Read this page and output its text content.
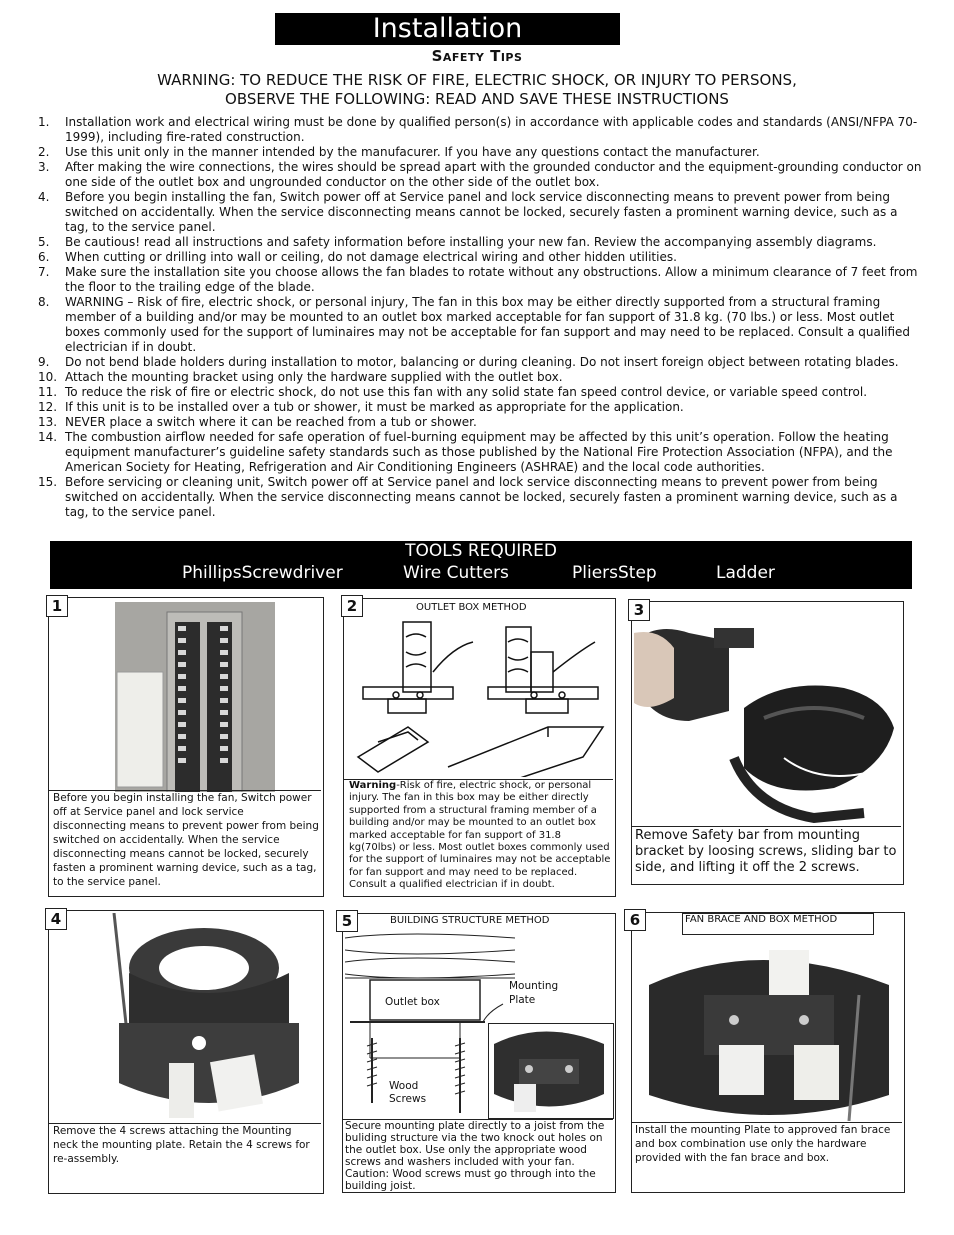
Installation
Safety Tips
WARNING: TO REDUCE THE RISK OF FIRE, ELECTRIC SHOCK, OR INJURY TO PERSONS,
OBSERVE THE FOLLOWING: READ AND SAVE THESE INSTRUCTIONS
1.	Installation work and electrical wiring must be done by qualified person(s) in accordance with applicable codes and standards (ANSI/NFPA 70-1999), including fire-rated construction.
2.	Use this unit only in the manner intended by the manufacurer. If you have any questions contact the manufacturer.
3.	After making the wire connections, the wires should be spread apart with the grounded conductor and the equipment-grounding conductor on one side of the outlet box and ungrounded conductor on the other side of the outlet box.
4.	Before you begin installing the fan, Switch power off at Service panel and lock service disconnecting means to prevent power from being switched on accidentally. When the service disconnecting means cannot be locked, securely fasten a prominent warning device, such as a tag, to the service panel.
5.	Be cautious! read all instructions and safety information before installing your new fan. Review the accompanying assembly diagrams.
6.	When cutting or drilling into wall or ceiling, do not damage electrical wiring and other hidden utilities.
7.	Make sure the installation site you choose allows the fan blades to rotate without any obstructions. Allow a minimum clearance of 7 feet from the floor to the trailing edge of the blade.
8.	WARNING – Risk of fire, electric shock, or personal injury, The fan in this box may be either directly supported from a structural framing member of a building and/or may be mounted to an outlet box marked acceptable for fan support of 31.8 kg. (70 lbs.) or less. Most outlet boxes commonly used for the support of luminaires may not be acceptable for fan support and may need to be replaced. Consult a qualified electrician if in doubt.
9.	Do not bend blade holders during installation to motor, balancing or during cleaning. Do not insert foreign object between rotating blades.
10. Attach the mounting bracket using only the hardware supplied with the outlet box.
11. To reduce the risk of fire or electric shock, do not use this fan with any solid state fan speed control device, or variable speed control.
12. If this unit is to be installed over a tub or shower, it must be marked as appropriate for the application.
13. NEVER place a switch where it can be reached from a tub or shower.
14. The combustion airflow needed for safe operation of fuel-burning equipment may be affected by this unit’s operation. Follow the heating equipment manufacturer’s guideline safety standards such as those published by the National Fire Protection Association (NFPA), and the American Society for Heating, Refrigeration and Air Conditioning Engineers (ASHRAE) and the local code authorities.
15. Before servicing or cleaning unit, Switch power off at Service panel and lock service disconnecting means to prevent power from being switched on accidentally. When the service disconnecting means cannot be locked, securely fasten a prominent warning device, such as a tag, to the service panel.
TOOLS REQUIRED
PhillipsScrewdriver	Wire Cutters	PliersStep	Ladder
Before you begin installing the fan, Switch power off at Service panel and lock service disconnecting means to prevent power from being switched on accidentally. When the service disconnecting means cannot be locked, securely fasten a prominent warning device, such as a tag, to the service panel.
1	OUTLET BOX METHOD
Warning-Risk of fire, electric shock, or personal injury. The fan in this box may be either directly supported from a structural framing member of a building and/or may be mounted to an outlet box marked acceptable for fan support of 31.8 kg(70lbs) or less. Most outlet boxes commonly used for the support of luminaires may not be acceptable for fan support and may need to be replaced. Consult a qualified electrician if in doubt.
2
Remove Safety bar from mounting bracket by loosing screws, sliding bar to side, and lifting it off the 2 screws.
3
Remove the 4 screws attaching the Mounting neck the mounting plate. Retain the 4 screws for re-assembly.
4	BUILDING STRUCTURE METHOD
Outlet box
Mounting
Plate
Wood
Screws
Secure mounting plate directly to a joist from the buliding structure via the two knock out holes on the outlet box. Use only the appropriate wood screws and washers included with your fan. Caution: Wood screws must go through into the building joist.
5	FAN BRACE AND BOX METHOD
Install the mounting Plate to approved fan brace and box combination use only the hardware provided with the fan brace and box.
6
